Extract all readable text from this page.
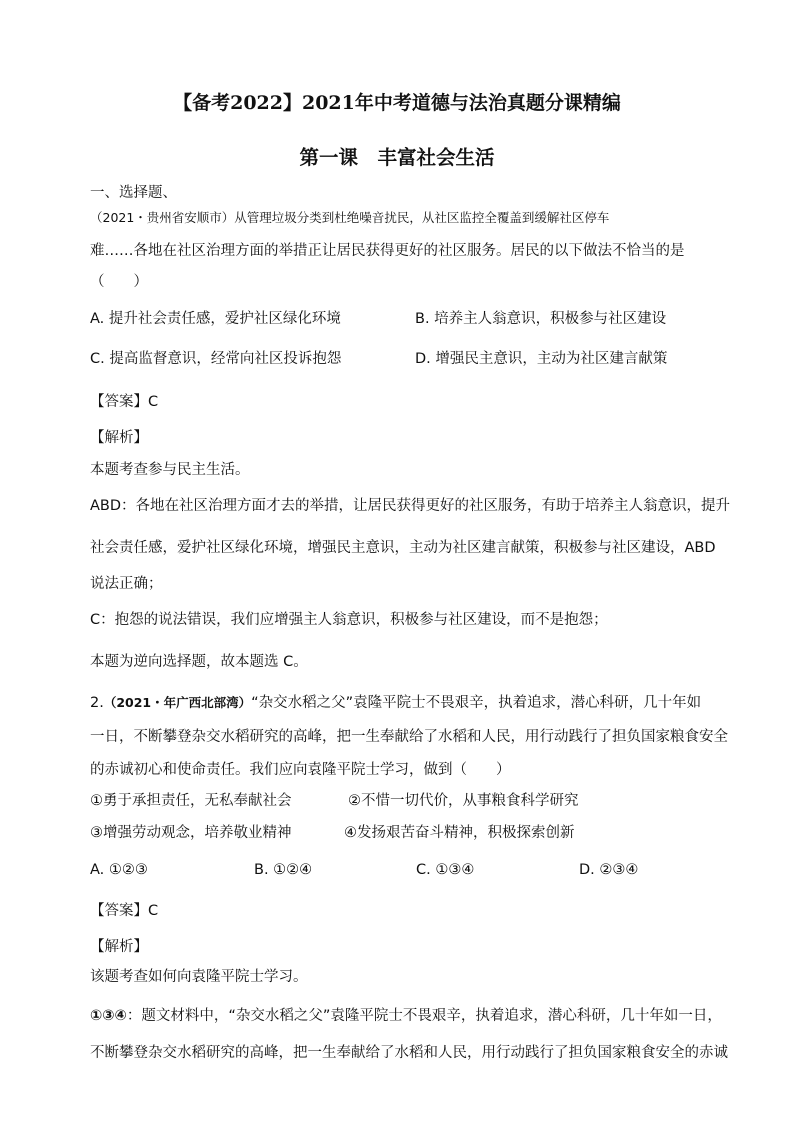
【备考2022】2021年中考道德与法治真题分课精编
第一课　丰富社会生活
一、选择题、
（2021・贵州省安顺市）从管理垃圾分类到杜绝噪音扰民，从社区监控全覆盖到缓解社区停车
难……各地在社区治理方面的举措正让居民获得更好的社区服务。居民的以下做法不恰当的是
（　　）
A. 提升社会责任感，爱护社区绿化环境	B. 培养主人翁意识，积极参与社区建设
C. 提高监督意识，经常向社区投诉抱怨	D. 增强民主意识，主动为社区建言献策
【答案】C
【解析】
本题考查参与民主生活。
ABD：各地在社区治理方面才去的举措，让居民获得更好的社区服务，有助于培养主人翁意识，提升
社会责任感，爱护社区绿化环境，增强民主意识，主动为社区建言献策，积极参与社区建设，ABD
说法正确；
C：抱怨的说法错误，我们应增强主人翁意识，积极参与社区建设，而不是抱怨；
本题为逆向选择题，故本题选 C。
2.（2021・年广西北部湾）“杂交水稻之父”袁隆平院士不畏艰辛，执着追求，潜心科研，几十年如
一日，不断攀登杂交水稻研究的高峰，把一生奉献给了水稻和人民，用行动践行了担负国家粮食安全
的赤诚初心和使命责任。我们应向袁隆平院士学习，做到（　　）
①勇于承担责任，无私奉献社会	②不惜一切代价，从事粮食科学研究
③增强劳动观念，培养敬业精神	④发扬艰苦奋斗精神，积极探索创新
A. ①②③	B. ①②④	C. ①③④	D. ②③④
【答案】C
【解析】
该题考查如何向袁隆平院士学习。
①③④：题文材料中，“杂交水稻之父”袁隆平院士不畏艰辛，执着追求，潜心科研，几十年如一日，
不断攀登杂交水稻研究的高峰，把一生奉献给了水稻和人民，用行动践行了担负国家粮食安全的赤诚
